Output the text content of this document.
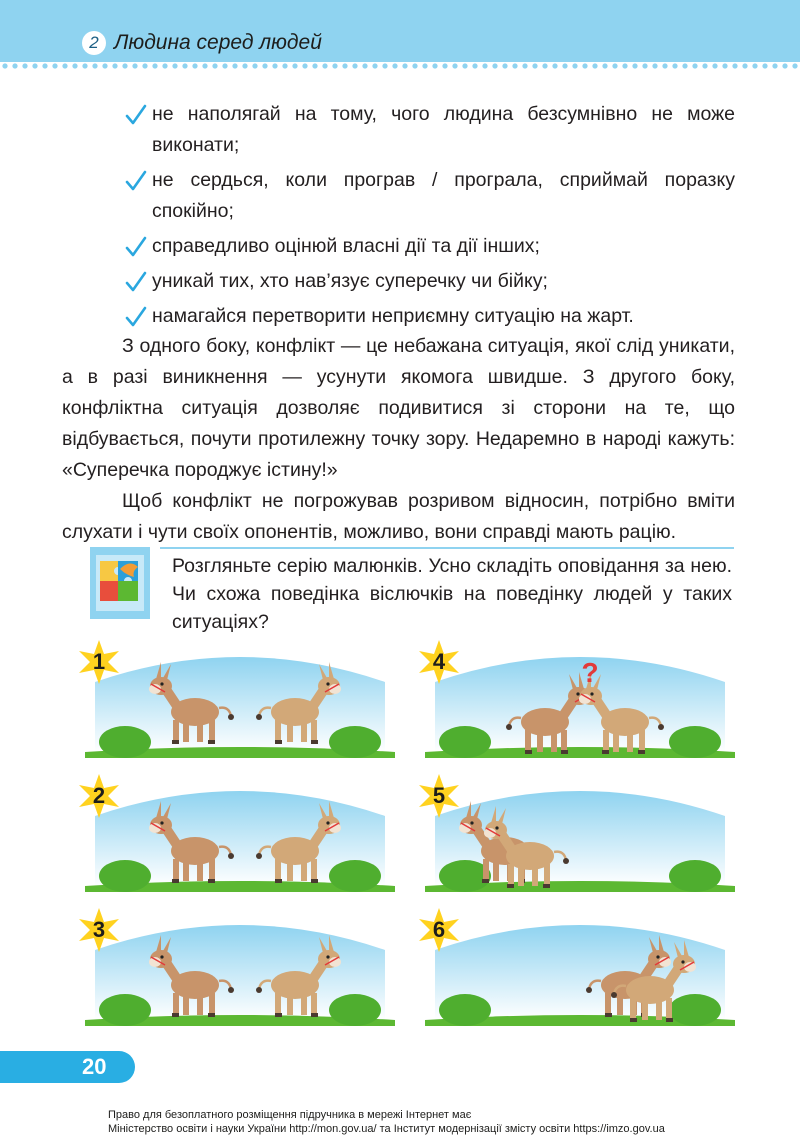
2 Людина серед людей
не наполягай на тому, чого людина безсумнівно не може виконати;
не сердься, коли програв / програла, сприймай поразку спокійно;
справедливо оцінюй власні дії та дії інших;
уникай тих, хто нав’язує суперечку чи бійку;
намагайся перетворити неприємну ситуацію на жарт.

З одного боку, конфлікт — це небажана ситуація, якої слід уникати, а в разі виникнення — усунути якомога швидше. З другого боку, конфліктна ситуація дозволяє подивитися зі сторони на те, що відбувається, почути протилежну точку зору. Недаремно в народі кажуть: «Суперечка породжує істину!»

Щоб конфлікт не погрожував розривом відносин, потрібно вміти слухати і чути своїх опонентів, можливо, вони справді мають рацію.

Розгляньте серію малюнків. Усно складіть оповідання за нею. Чи схожа поведінка віслючків на поведінку людей у таких ситуаціях?

1
2
3
?
4
5
6
20
Право для безоплатного розміщення підручника в мережі Інтернет має
Міністерство освіти і науки України http://mon.gov.ua/ та Інститут модернізації змісту освіти https://imzo.gov.ua
